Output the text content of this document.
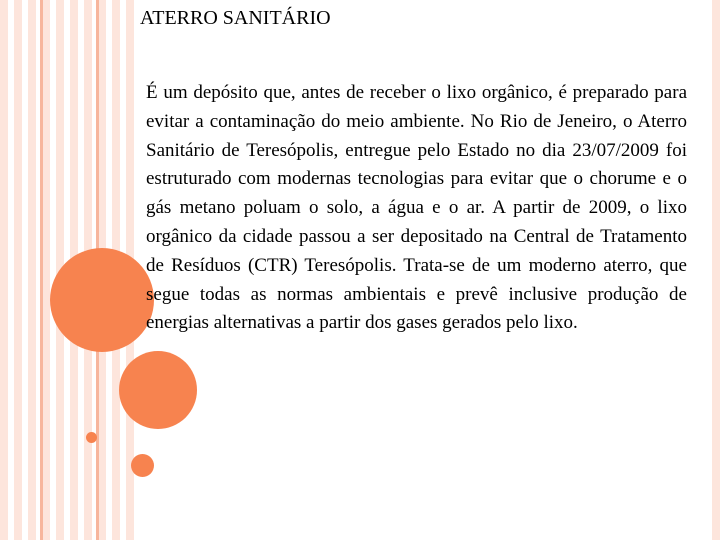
ATERRO SANITÁRIO
É um depósito que, antes de receber o lixo orgânico, é preparado para evitar a contaminação do meio ambiente. No Rio de Jeneiro, o Aterro Sanitário de Teresópolis, entregue pelo Estado no dia 23/07/2009 foi estruturado com modernas tecnologias para evitar que o chorume e o gás metano poluam o solo, a água e o ar. A partir de 2009, o lixo orgânico da cidade passou a ser depositado na Central de Tratamento de Resíduos (CTR) Teresópolis. Trata-se de um moderno aterro, que segue todas as normas ambientais e prevê inclusive produção de energias alternativas a partir dos gases gerados pelo lixo.
